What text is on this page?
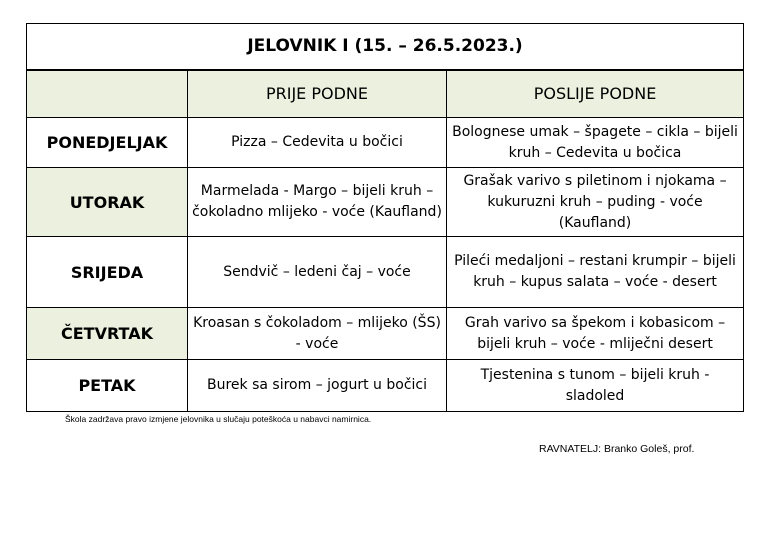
JELOVNIK I (15. – 26.5.2023.)		
	PRIJE PODNE	POSLIJE PODNE
PONEDJELJAK	Pizza – Cedevita u bočici	Bolognese umak – špagete – cikla – bijeli kruh – Cedevita u bočica
UTORAK	Marmelada - Margo – bijeli kruh – čokoladno mlijeko - voće (Kaufland)	Grašak varivo s piletinom i njokama – kukuruzni kruh – puding - voće (Kaufland)
SRIJEDA	Sendvič – ledeni čaj – voće	Pileći medaljoni – restani krumpir – bijeli kruh – kupus salata – voće - desert
ČETVRTAK	Kroasan s čokoladom – mlijeko (ŠS) - voće	Grah varivo sa špekom i kobasicom – bijeli kruh – voće - mliječni desert
PETAK	Burek sa sirom – jogurt u bočici	Tjestenina s tunom – bijeli kruh - sladoled
Škola zadržava pravo izmjene jelovnika u slučaju poteškoća u nabavci namirnica.
RAVNATELJ: Branko Goleš, prof.
